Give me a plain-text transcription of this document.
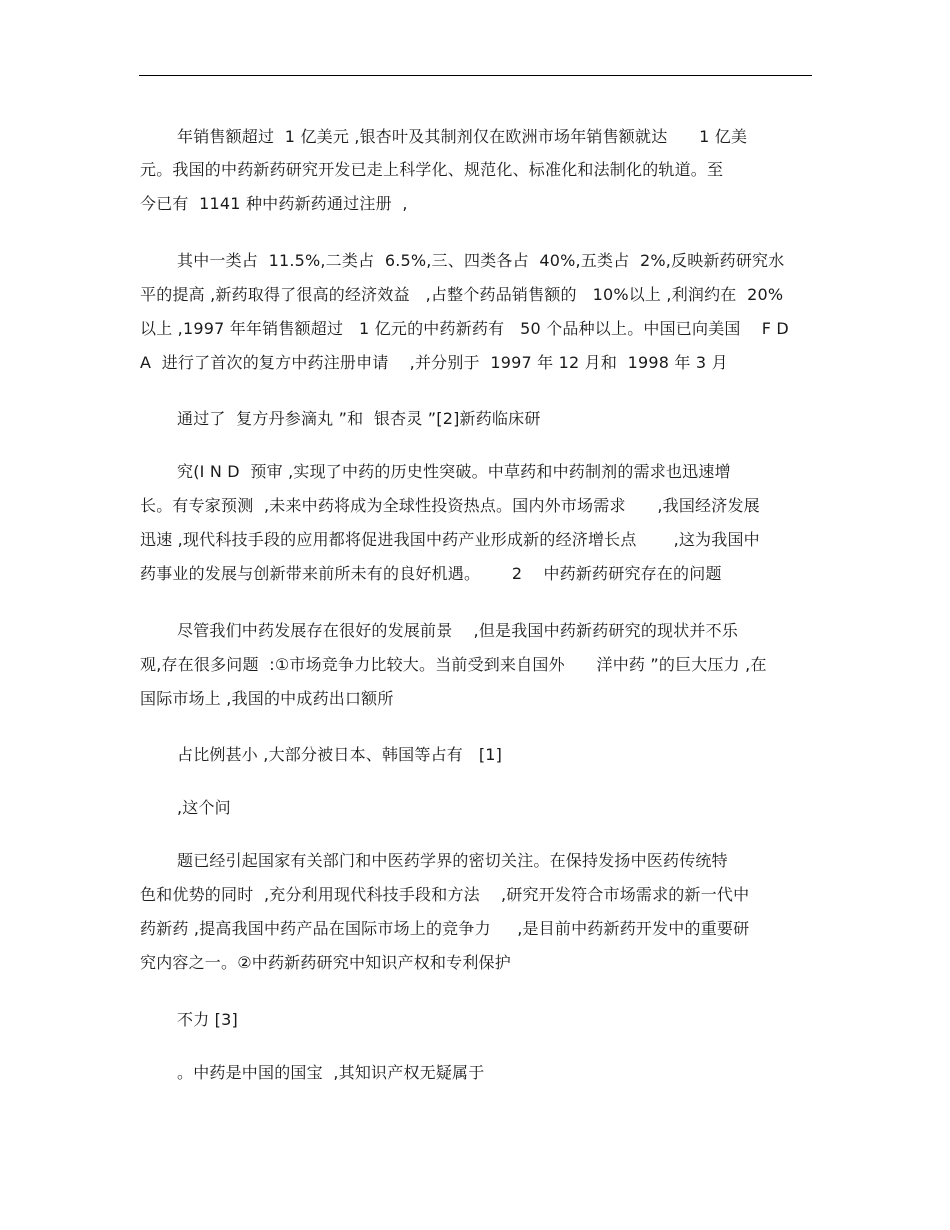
年销售额超过  1 亿美元 ,银杏叶及其制剂仅在欧洲市场年销售额就达      1 亿美
元。我国的中药新药研究开发已走上科学化、规范化、标准化和法制化的轨道。至
今已有  1141 种中药新药通过注册  ,
其中一类占  11.5%,二类占  6.5%,三、四类各占  40%,五类占  2%,反映新药研究水
平的提高 ,新药取得了很高的经济效益   ,占整个药品销售额的   10%以上 ,利润约在  20%
以上 ,1997 年年销售额超过   1 亿元的中药新药有   50 个品种以上。中国已向美国    F D
A  进行了首次的复方中药注册申请    ,并分别于  1997 年 12 月和  1998 年 3 月
通过了  复方丹参滴丸 ”和  银杏灵 ”[2]新药临床研
究(I N D  预审 ,实现了中药的历史性突破。中草药和中药制剂的需求也迅速增
长。有专家预测  ,未来中药将成为全球性投资热点。国内外市场需求      ,我国经济发展
迅速 ,现代科技手段的应用都将促进我国中药产业形成新的经济增长点       ,这为我国中
药事业的发展与创新带来前所未有的良好机遇。      2    中药新药研究存在的问题
尽管我们中药发展存在很好的发展前景    ,但是我国中药新药研究的现状并不乐
观,存在很多问题  :①市场竞争力比较大。当前受到来自国外      洋中药 ”的巨大压力 ,在
国际市场上 ,我国的中成药出口额所
占比例甚小 ,大部分被日本、韩国等占有   [1]
,这个问
题已经引起国家有关部门和中医药学界的密切关注。在保持发扬中医药传统特
色和优势的同时  ,充分利用现代科技手段和方法    ,研究开发符合市场需求的新一代中
药新药 ,提高我国中药产品在国际市场上的竞争力     ,是目前中药新药开发中的重要研
究内容之一。②中药新药研究中知识产权和专利保护
不力 [3]
。中药是中国的国宝  ,其知识产权无疑属于
